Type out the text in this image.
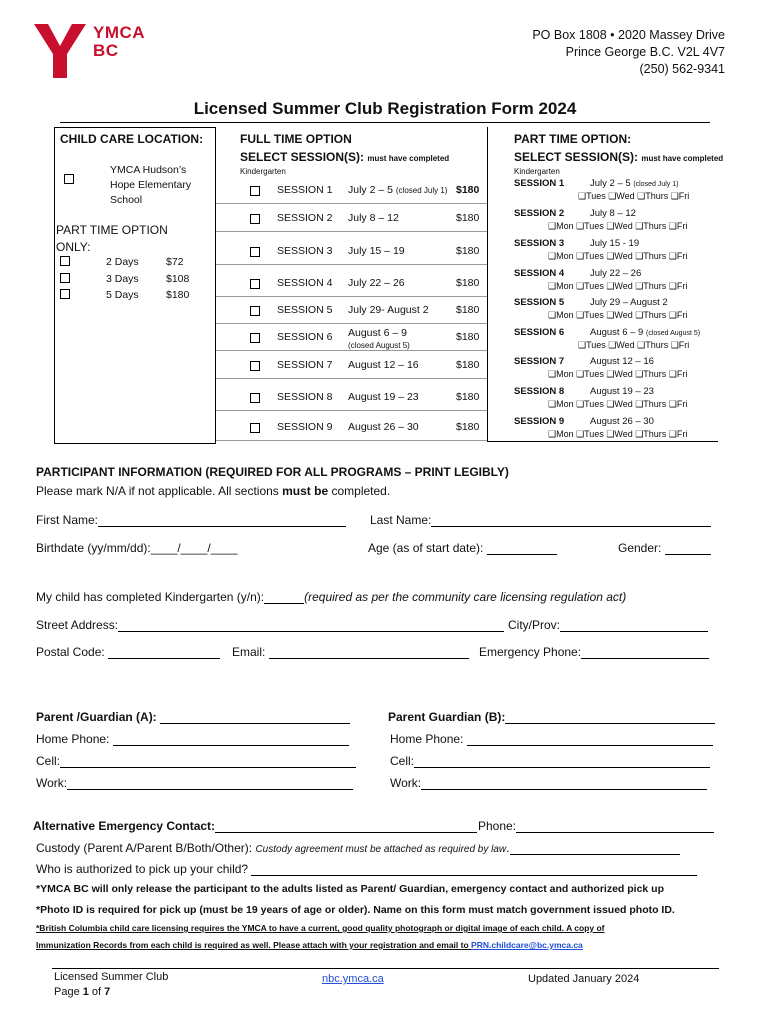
YMCA
BC
PO Box 1808 • 2020 Massey Drive
Prince George B.C. V2L 4V7
(250) 562-9341
Licensed Summer Club Registration Form 2024
CHILD CARE LOCATION:
YMCA Hudson’s
Hope Elementary
School
PART TIME OPTION
ONLY:
2 Days	$72
3 Days	$108
5 Days	$180
FULL TIME OPTION
SELECT SESSION(S): must have completed
Kindergarten
SESSION 1 July 2 – 5 (closed July 1) $180
SESSION 2 July 8 – 12	$180
SESSION 3 July 15 – 19	$180
SESSION 4 July 22 – 26	$180
SESSION 5 July 29- August 2	$180
SESSION 6 August 6 – 9
(closed August 5)
$180
SESSION 7 August 12 – 16	$180
SESSION 8 August 19 – 23	$180
SESSION 9 August 26 – 30	$180
PART TIME OPTION:
SELECT SESSION(S): must have completed
Kindergarten
SESSION 1	July 2 – 5 (closed July 1)
❑Tues ❑Wed ❑Thurs ❑Fri
SESSION 2	July 8 – 12
❑Mon ❑Tues ❑Wed ❑Thurs ❑Fri
SESSION 3	July 15 - 19
❑Mon ❑Tues ❑Wed ❑Thurs ❑Fri
SESSION 4	July 22 – 26
❑Mon ❑Tues ❑Wed ❑Thurs ❑Fri
SESSION 5	July 29 – August 2
❑Mon ❑Tues ❑Wed ❑Thurs ❑Fri
SESSION 6	August 6 – 9 (closed August 5)
❑Tues ❑Wed ❑Thurs ❑Fri
SESSION 7	August 12 – 16
❑Mon ❑Tues ❑Wed ❑Thurs ❑Fri
SESSION 8	August 19 – 23
❑Mon ❑Tues ❑Wed ❑Thurs ❑Fri
SESSION 9	August 26 – 30
❑Mon ❑Tues ❑Wed ❑Thurs ❑Fri
PARTICIPANT INFORMATION (REQUIRED FOR ALL PROGRAMS – PRINT LEGIBLY)
Please mark N/A if not applicable. All sections must be completed.
First Name:	Last Name:
Birthdate (yy/mm/dd):____/____/____	Age (as of start date):	Gender:
My child has completed Kindergarten (y/n):	(required as per the community care licensing regulation act)
Street Address:	City/Prov:
Postal Code:	Email:	Emergency Phone:
Parent /Guardian (A):	Parent Guardian (B):
Home Phone:	Home Phone:
Cell:	Cell:
Work:	Work:
Alternative Emergency Contact:	Phone:
Custody (Parent A/Parent B/Both/Other): Custody agreement must be attached as required by law.
Who is authorized to pick up your child?
*YMCA BC will only release the participant to the adults listed as Parent/ Guardian, emergency contact and authorized pick up
*Photo ID is required for pick up (must be 19 years of age or older). Name on this form must match government issued photo ID.
*British Columbia child care licensing requires the YMCA to have a current, good quality photograph or digital image of each child. A copy of
Immunization Records from each child is required as well. Please attach with your registration and email to PRN.childcare@bc.ymca.ca
Licensed Summer Club
Page 1 of 7
nbc.ymca.ca	Updated January 2024
